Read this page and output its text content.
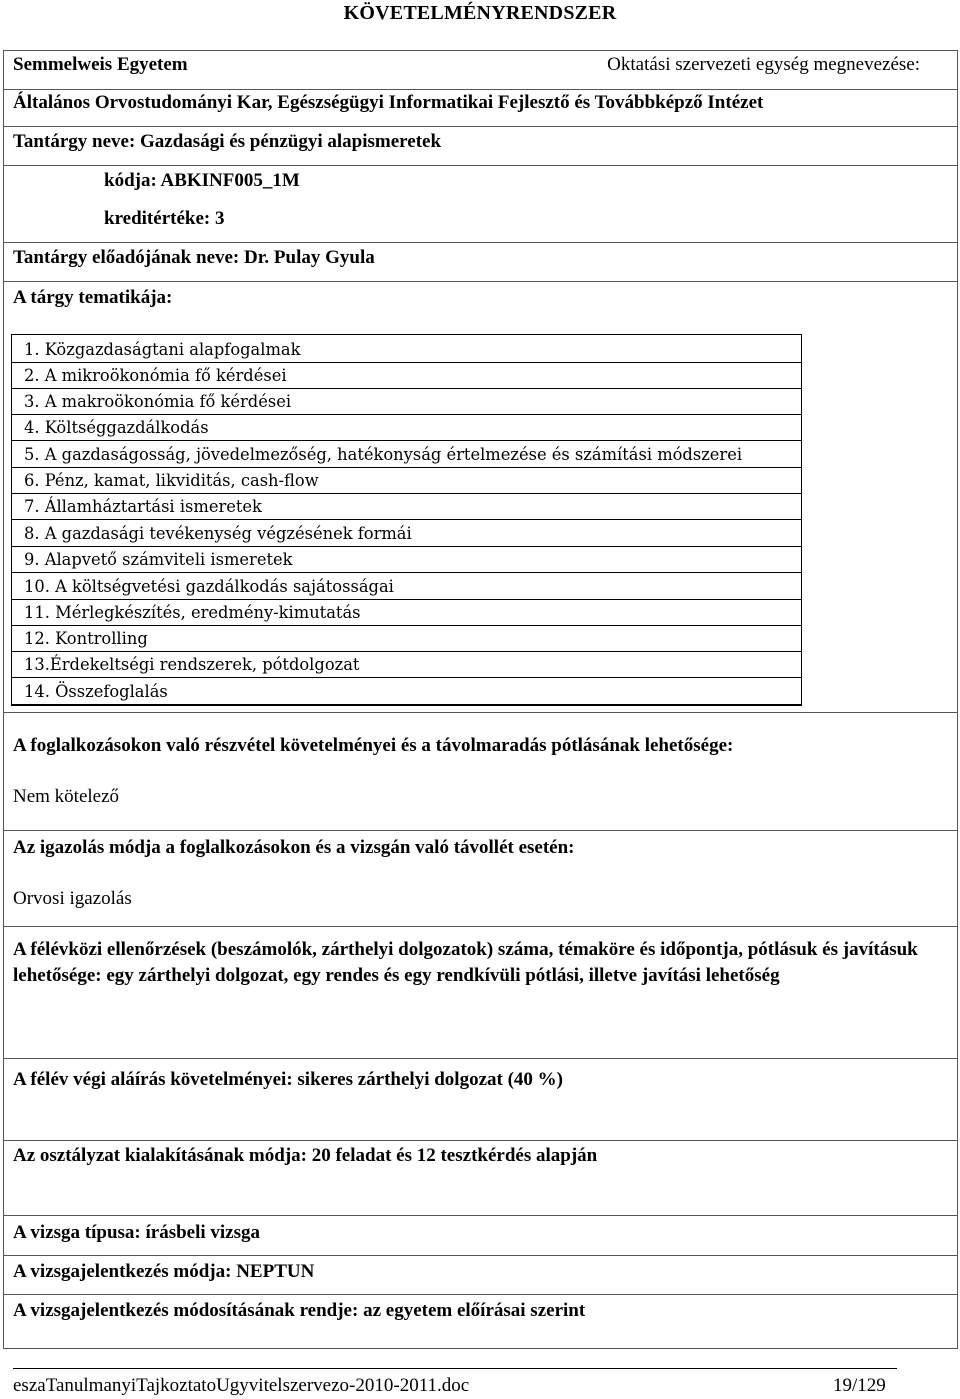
KÖVETELMÉNYRENDSZER
Semmelweis Egyetem	Oktatási szervezeti egység megnevezése:
Általános Orvostudományi Kar, Egészségügyi Informatikai Fejlesztő és Továbbképző Intézet
Tantárgy neve: Gazdasági és pénzügyi alapismeretek
kódja: ABKINF005_1M
kreditértéke: 3
Tantárgy előadójának neve: Dr. Pulay Gyula
A tárgy tematikája:
1. Közgazdaságtani alapfogalmak
2. A mikroökonómia fő kérdései
3. A makroökonómia fő kérdései
4. Költséggazdálkodás
5. A gazdaságosság, jövedelmezőség, hatékonyság értelmezése és számítási módszerei
6. Pénz, kamat, likviditás, cash-flow
7. Államháztartási ismeretek
8. A gazdasági tevékenység végzésének formái
9. Alapvető számviteli ismeretek
10. A költségvetési gazdálkodás sajátosságai
11. Mérlegkészítés, eredmény-kimutatás
12. Kontrolling
13.Érdekeltségi rendszerek, pótdolgozat
14. Összefoglalás
A foglalkozásokon való részvétel követelményei és a távolmaradás pótlásának lehetősége:
Nem kötelező
Az igazolás módja a foglalkozásokon és a vizsgán való távollét esetén:
Orvosi igazolás
A félévközi ellenőrzések (beszámolók, zárthelyi dolgozatok) száma, témaköre és időpontja, pótlásuk és javításuk lehetősége: egy zárthelyi dolgozat, egy rendes és egy rendkívüli pótlási, illetve javítási lehetőség
A félév végi aláírás követelményei: sikeres zárthelyi dolgozat (40 %)
Az osztályzat kialakításának módja: 20 feladat és 12 tesztkérdés alapján
A vizsga típusa: írásbeli vizsga
A vizsgajelentkezés módja: NEPTUN
A vizsgajelentkezés módosításának rendje: az egyetem előírásai szerint
eszaTanulmanyiTajkoztatoUgyvitelszervezo-2010-2011.doc	19/129
